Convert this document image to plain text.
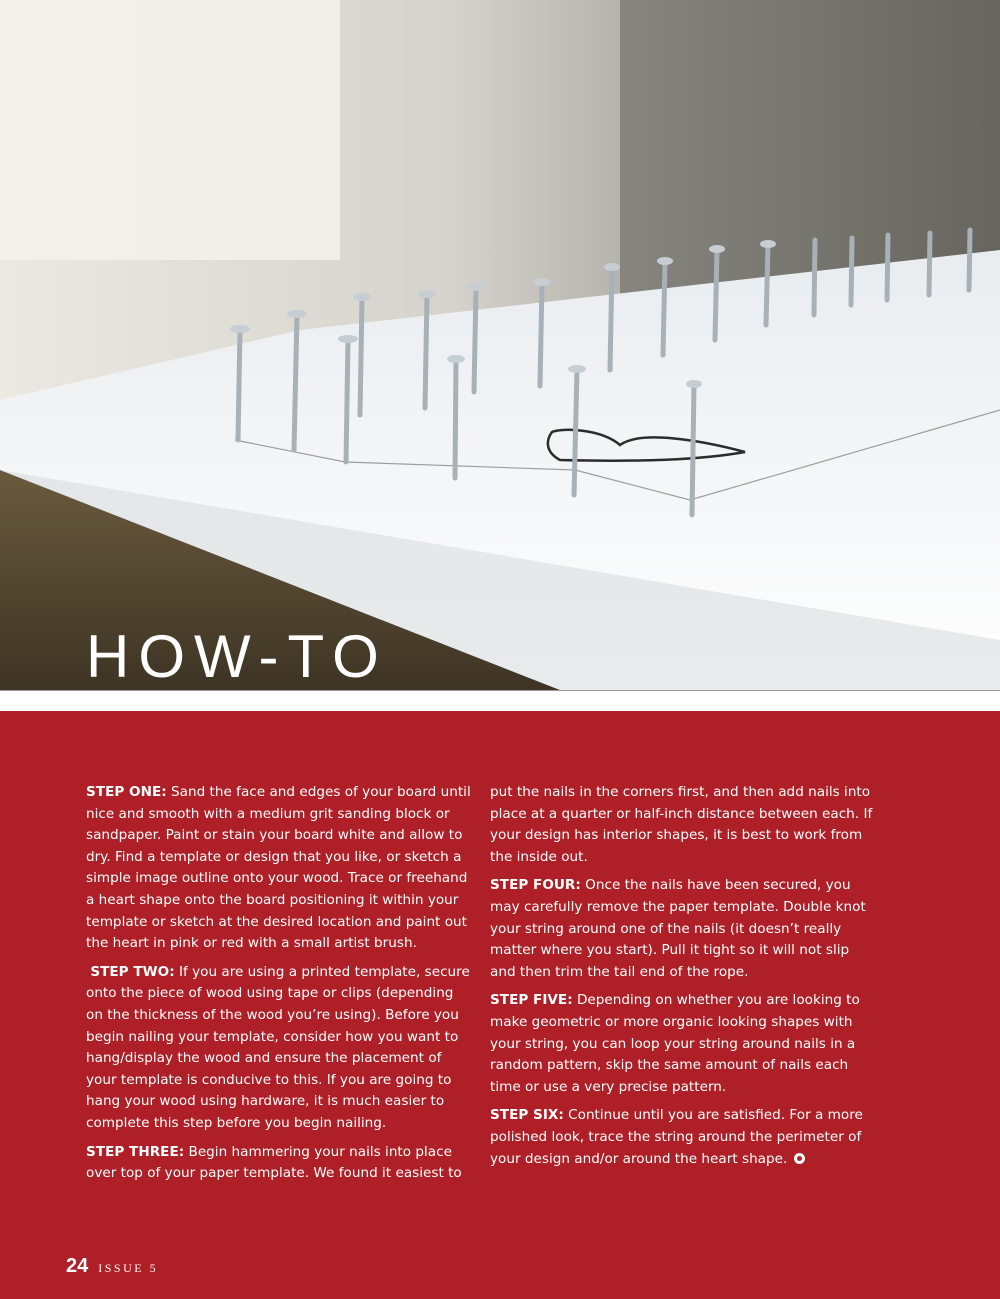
HOW-TO

STEP ONE: Sand the face and edges of your board until nice and smooth with a medium grit sanding block or sandpaper. Paint or stain your board white and allow to dry. Find a template or design that you like, or sketch a simple image outline onto your wood. Trace or freehand a heart shape onto the board positioning it within your template or sketch at the desired location and paint out the heart in pink or red with a small artist brush.

STEP TWO: If you are using a printed template, secure onto the piece of wood using tape or clips (depending on the thickness of the wood you’re using). Before you begin nailing your template, consider how you want to hang/display the wood and ensure the placement of your template is conducive to this. If you are going to hang your wood using hardware, it is much easier to complete this step before you begin nailing.

STEP THREE: Begin hammering your nails into place over top of your paper template. We found it easiest to

put the nails in the corners first, and then add nails into place at a quarter or half-inch distance between each. If your design has interior shapes, it is best to work from the inside out.

STEP FOUR: Once the nails have been secured, you may carefully remove the paper template. Double knot your string around one of the nails (it doesn’t really matter where you start). Pull it tight so it will not slip and then trim the tail end of the rope.

STEP FIVE: Depending on whether you are looking to make geometric or more organic looking shapes with your string, you can loop your string around nails in a random pattern, skip the same amount of nails each time or use a very precise pattern.

STEP SIX: Continue until you are satisfied. For a more polished look, trace the string around the perimeter of your design and/or around the heart shape.

24 ISSUE 5
